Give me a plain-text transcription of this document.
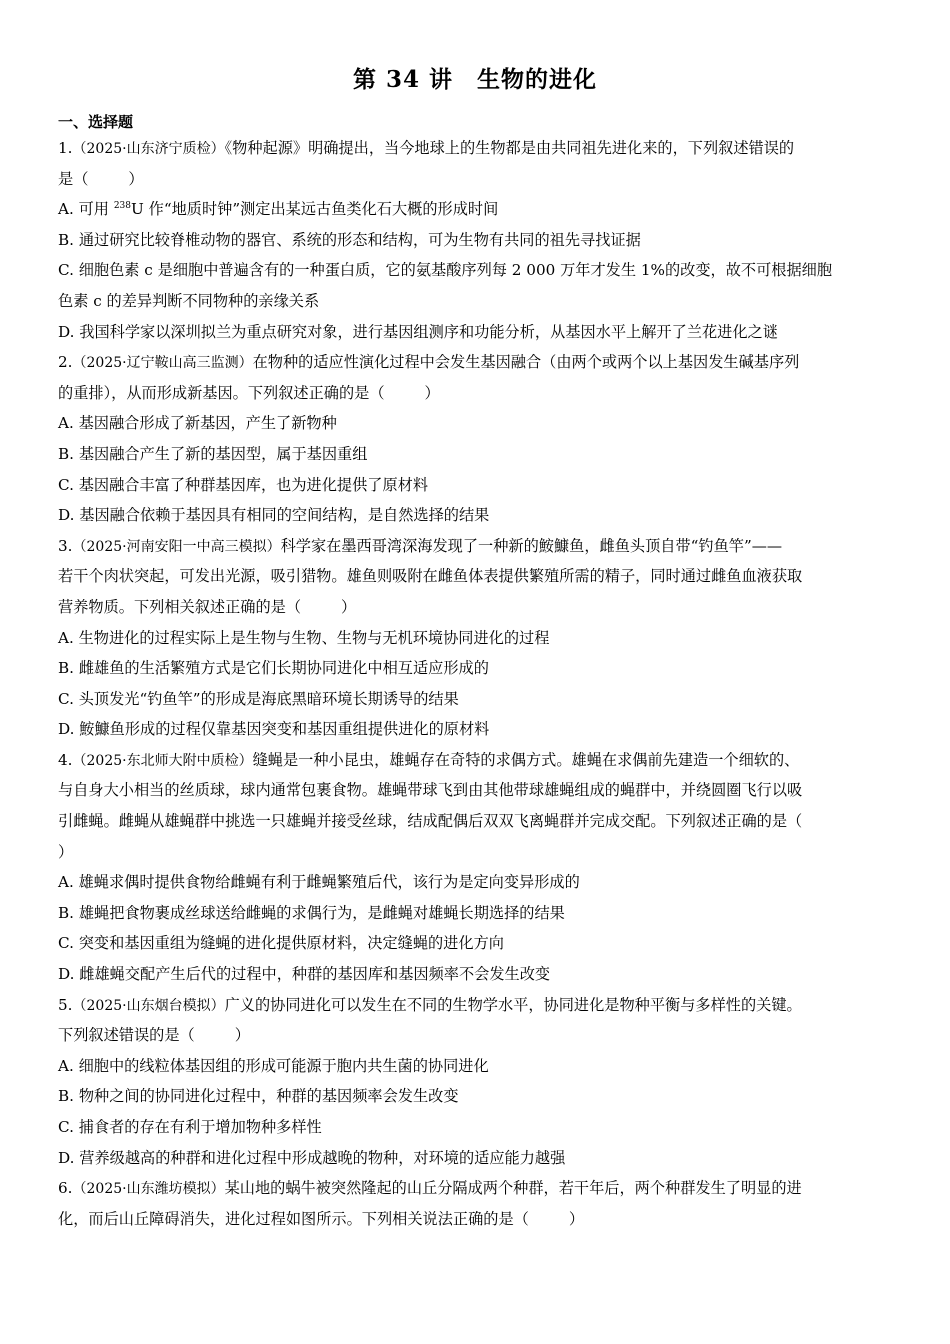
第 34 讲　生物的进化
一、选择题
1.（2025·山东济宁质检）《物种起源》明确提出，当今地球上的生物都是由共同祖先进化来的，下列叙述错误的
是（	）
A. 可用 $^{238}$U 作“地质时钟”测定出某远古鱼类化石大概的形成时间
B. 通过研究比较脊椎动物的器官、系统的形态和结构，可为生物有共同的祖先寻找证据
C. 细胞色素 c 是细胞中普遍含有的一种蛋白质，它的氨基酸序列每 2 000 万年才发生 1%的改变，故不可根据细胞
色素 c 的差异判断不同物种的亲缘关系
D. 我国科学家以深圳拟兰为重点研究对象，进行基因组测序和功能分析，从基因水平上解开了兰花进化之谜
2.（2025·辽宁鞍山高三监测）在物种的适应性演化过程中会发生基因融合（由两个或两个以上基因发生碱基序列
的重排），从而形成新基因。下列叙述正确的是（	）
A. 基因融合形成了新基因，产生了新物种
B. 基因融合产生了新的基因型，属于基因重组
C. 基因融合丰富了种群基因库，也为进化提供了原材料
D. 基因融合依赖于基因具有相同的空间结构，是自然选择的结果
3.（2025·河南安阳一中高三模拟）科学家在墨西哥湾深海发现了一种新的鮟鱇鱼，雌鱼头顶自带“钓鱼竿”——
若干个肉状突起，可发出光源，吸引猎物。雄鱼则吸附在雌鱼体表提供繁殖所需的精子，同时通过雌鱼血液获取
营养物质。下列相关叙述正确的是（	）
A. 生物进化的过程实际上是生物与生物、生物与无机环境协同进化的过程
B. 雌雄鱼的生活繁殖方式是它们长期协同进化中相互适应形成的
C. 头顶发光“钓鱼竿”的形成是海底黑暗环境长期诱导的结果
D. 鮟鱇鱼形成的过程仅靠基因突变和基因重组提供进化的原材料
4.（2025·东北师大附中质检）缝蝇是一种小昆虫，雄蝇存在奇特的求偶方式。雄蝇在求偶前先建造一个细软的、
与自身大小相当的丝质球，球内通常包裹食物。雄蝇带球飞到由其他带球雄蝇组成的蝇群中，并绕圆圈飞行以吸
引雌蝇。雌蝇从雄蝇群中挑选一只雄蝇并接受丝球，结成配偶后双双飞离蝇群并完成交配。下列叙述正确的是（
）
A. 雄蝇求偶时提供食物给雌蝇有利于雌蝇繁殖后代，该行为是定向变异形成的
B. 雄蝇把食物裹成丝球送给雌蝇的求偶行为，是雌蝇对雄蝇长期选择的结果
C. 突变和基因重组为缝蝇的进化提供原材料，决定缝蝇的进化方向
D. 雌雄蝇交配产生后代的过程中，种群的基因库和基因频率不会发生改变
5.（2025·山东烟台模拟）广义的协同进化可以发生在不同的生物学水平，协同进化是物种平衡与多样性的关键。
下列叙述错误的是（	）
A. 细胞中的线粒体基因组的形成可能源于胞内共生菌的协同进化
B. 物种之间的协同进化过程中，种群的基因频率会发生改变
C. 捕食者的存在有利于增加物种多样性
D. 营养级越高的种群和进化过程中形成越晚的物种，对环境的适应能力越强
6.（2025·山东潍坊模拟）某山地的蜗牛被突然隆起的山丘分隔成两个种群，若干年后，两个种群发生了明显的进
化，而后山丘障碍消失，进化过程如图所示。下列相关说法正确的是（	）
